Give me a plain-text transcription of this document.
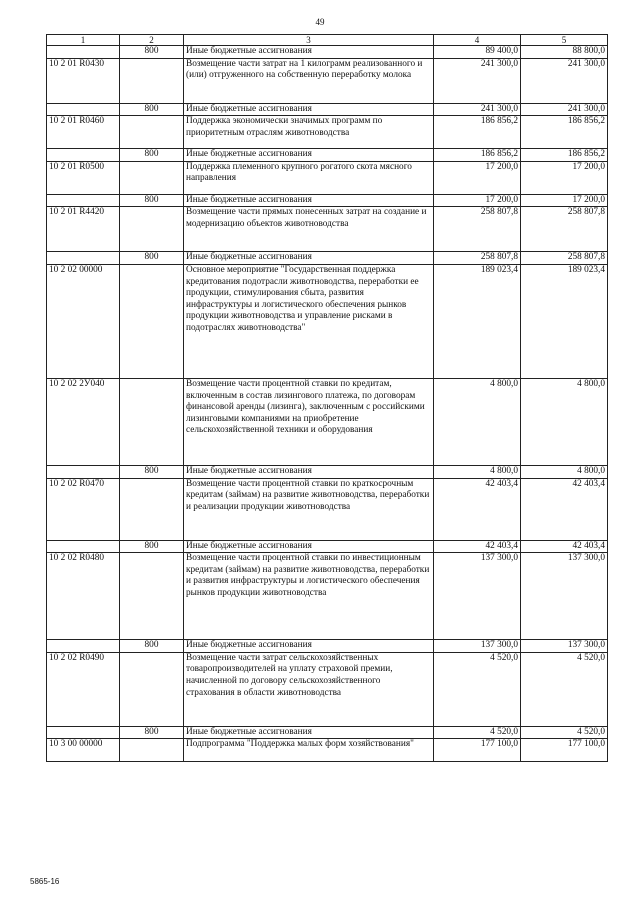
49
1	2	3	4	5
	800	Иные бюджетные ассигнования	89 400,0	88 800,0
10 2 01 R0430		Возмещение части затрат на 1 килограмм реализованного и (или) отгруженного на собственную переработку молока	241 300,0	241 300,0
	800	Иные бюджетные ассигнования	241 300,0	241 300,0
10 2 01 R0460		Поддержка экономически значимых программ по приоритетным отраслям животноводства	186 856,2	186 856,2
	800	Иные бюджетные ассигнования	186 856,2	186 856,2
10 2 01 R0500		Поддержка племенного крупного рогатого скота мясного направления	17 200,0	17 200,0
	800	Иные бюджетные ассигнования	17 200,0	17 200,0
10 2 01 R4420		Возмещение части прямых понесенных затрат на создание и модернизацию объектов животноводства	258 807,8	258 807,8
	800	Иные бюджетные ассигнования	258 807,8	258 807,8
10 2 02 00000		Основное мероприятие "Государственная поддержка кредитования подотрасли животноводства, переработки ее продукции, стимулирования сбыта, развития инфраструктуры и логистического обеспечения рынков продукции животноводства и управление рисками в подотраслях животноводства"	189 023,4	189 023,4
10 2 02 2У040		Возмещение части процентной ставки по кредитам, включенным в состав лизингового платежа, по договорам финансовой аренды (лизинга), заключенным с российскими лизинговыми компаниями на приобретение сельскохозяйственной техники и оборудования	4 800,0	4 800,0
	800	Иные бюджетные ассигнования	4 800,0	4 800,0
10 2 02 R0470		Возмещение части процентной ставки по краткосрочным кредитам (займам) на развитие животноводства, переработки и реализации продукции животноводства	42 403,4	42 403,4
	800	Иные бюджетные ассигнования	42 403,4	42 403,4
10 2 02 R0480		Возмещение части процентной ставки по инвестиционным кредитам (займам) на развитие животноводства, переработки и развития инфраструктуры и логистического обеспечения рынков продукции животноводства	137 300,0	137 300,0
	800	Иные бюджетные ассигнования	137 300,0	137 300,0
10 2 02 R0490		Возмещение части затрат сельскохозяйственных товаропроизводителей на уплату страховой премии, начисленной по договору сельскохозяйственного страхования в области животноводства	4 520,0	4 520,0
	800	Иные бюджетные ассигнования	4 520,0	4 520,0
10 3 00 00000		Подпрограмма "Поддержка малых форм хозяйствования"	177 100,0	177 100,0
5865-16
